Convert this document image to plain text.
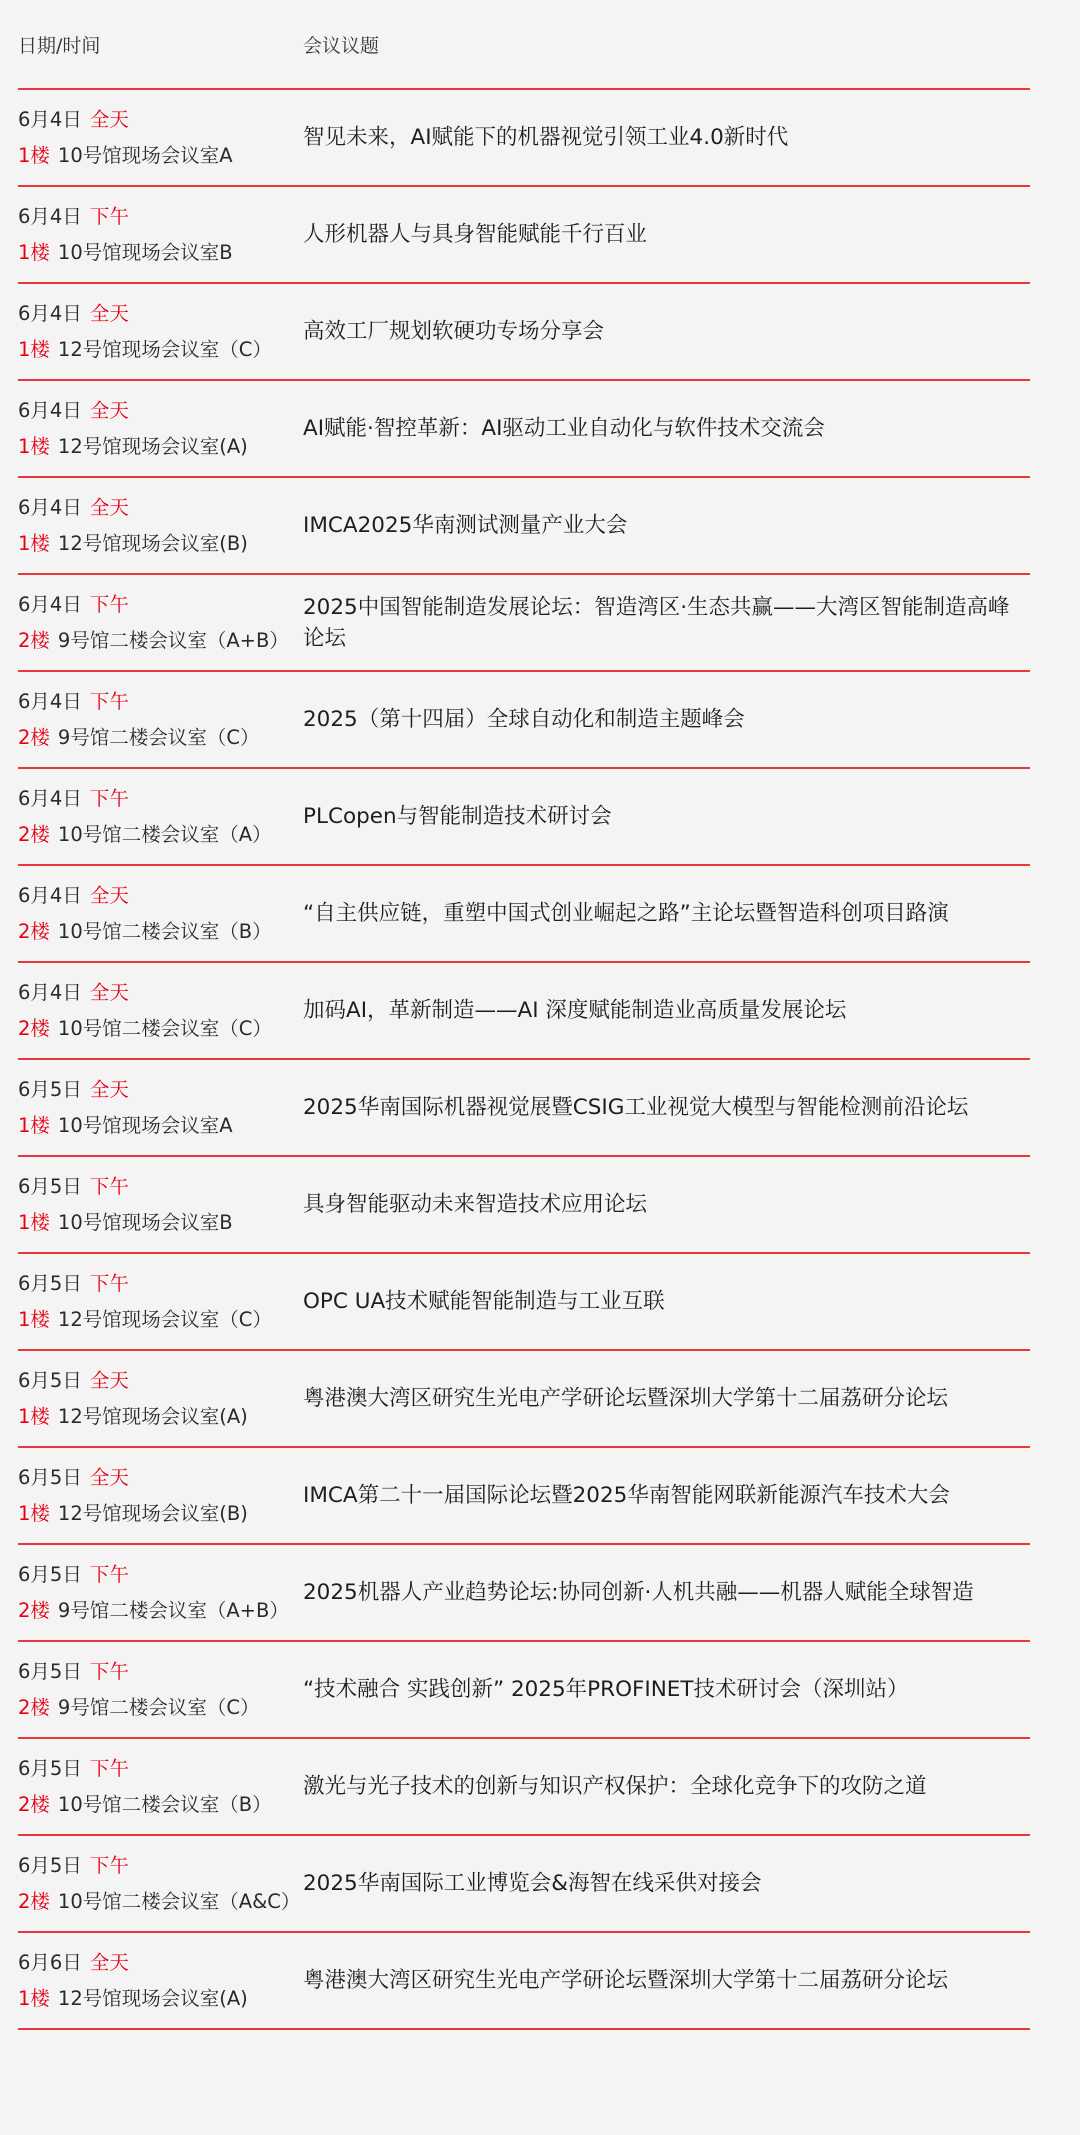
日期/时间	会议议题
6月4日 全天
1楼 10号馆现场会议室A
智见未来，AI赋能下的机器视觉引领工业4.0新时代
6月4日 下午
1楼 10号馆现场会议室B
人形机器人与具身智能赋能千行百业
6月4日 全天
1楼 12号馆现场会议室（C）
高效工厂规划软硬功专场分享会
6月4日 全天
1楼 12号馆现场会议室(A)
AI赋能·智控革新：AI驱动工业自动化与软件技术交流会
6月4日 全天
1楼 12号馆现场会议室(B)
IMCA2025华南测试测量产业大会
6月4日 下午
2楼 9号馆二楼会议室（A+B）
2025中国智能制造发展论坛：智造湾区·生态共赢——大湾区智能制造高峰论坛
6月4日 下午
2楼 9号馆二楼会议室（C）
2025（第十四届）全球自动化和制造主题峰会
6月4日 下午
2楼 10号馆二楼会议室（A）
PLCopen与智能制造技术研讨会
6月4日 全天
2楼 10号馆二楼会议室（B）
“自主供应链，重塑中国式创业崛起之路”主论坛暨智造科创项目路演
6月4日 全天
2楼 10号馆二楼会议室（C）
加码AI，革新制造——AI 深度赋能制造业高质量发展论坛
6月5日 全天
1楼 10号馆现场会议室A
2025华南国际机器视觉展暨CSIG工业视觉大模型与智能检测前沿论坛
6月5日 下午
1楼 10号馆现场会议室B
具身智能驱动未来智造技术应用论坛
6月5日 下午
1楼 12号馆现场会议室（C）
OPC UA技术赋能智能制造与工业互联
6月5日 全天
1楼 12号馆现场会议室(A)
粤港澳大湾区研究生光电产学研论坛暨深圳大学第十二届荔研分论坛
6月5日 全天
1楼 12号馆现场会议室(B)
IMCA第二十一届国际论坛暨2025华南智能网联新能源汽车技术大会
6月5日 下午
2楼 9号馆二楼会议室（A+B）
2025机器人产业趋势论坛:协同创新·人机共融——机器人赋能全球智造
6月5日 下午
2楼 9号馆二楼会议室（C）
“技术融合 实践创新” 2025年PROFINET技术研讨会（深圳站）
6月5日 下午
2楼 10号馆二楼会议室（B）
激光与光子技术的创新与知识产权保护：全球化竞争下的攻防之道
6月5日 下午
2楼 10号馆二楼会议室（A&C）
2025华南国际工业博览会&海智在线采供对接会
6月6日 全天
1楼 12号馆现场会议室(A)
粤港澳大湾区研究生光电产学研论坛暨深圳大学第十二届荔研分论坛
